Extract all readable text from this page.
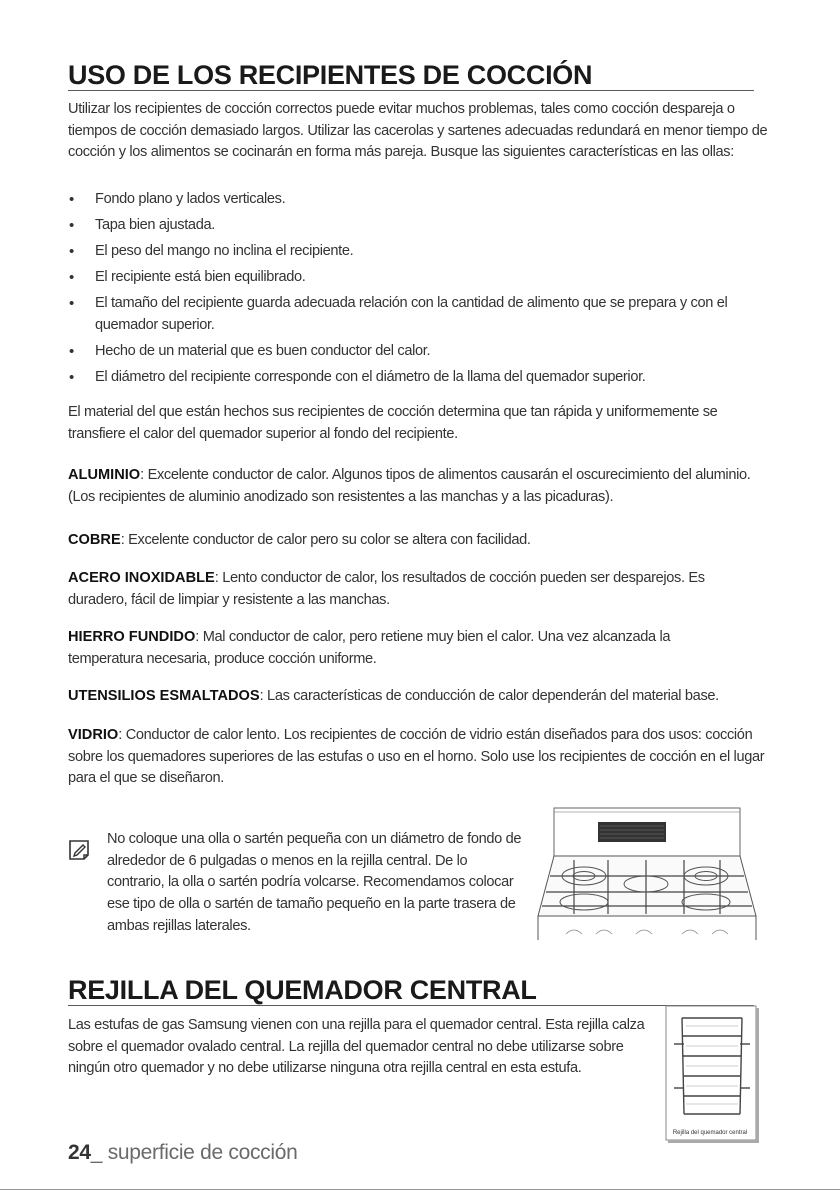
USO DE LOS RECIPIENTES DE COCCIÓN

Utilizar los recipientes de cocción correctos puede evitar muchos problemas, tales como cocción despareja o tiempos de cocción demasiado largos. Utilizar las cacerolas y sartenes adecuadas redundará en menor tiempo de cocción y los alimentos se cocinarán en forma más pareja. Busque las siguientes características en las ollas:

• Fondo plano y lados verticales.
• Tapa bien ajustada.
• El peso del mango no inclina el recipiente.
• El recipiente está bien equilibrado.
• El tamaño del recipiente guarda adecuada relación con la cantidad de alimento que se prepara y con el quemador superior.
• Hecho de un material que es buen conductor del calor.
• El diámetro del recipiente corresponde con el diámetro de la llama del quemador superior.

El material del que están hechos sus recipientes de cocción determina que tan rápida y uniformemente se transfiere el calor del quemador superior al fondo del recipiente.

ALUMINIO: Excelente conductor de calor. Algunos tipos de alimentos causarán el oscurecimiento del aluminio. (Los recipientes de aluminio anodizado son resistentes a las manchas y a las picaduras).

COBRE: Excelente conductor de calor pero su color se altera con facilidad.

ACERO INOXIDABLE: Lento conductor de calor, los resultados de cocción pueden ser desparejos. Es duradero, fácil de limpiar y resistente a las manchas.

HIERRO FUNDIDO: Mal conductor de calor, pero retiene muy bien el calor. Una vez alcanzada la temperatura necesaria, produce cocción uniforme.

UTENSILIOS ESMALTADOS: Las características de conducción de calor dependerán del material base.

VIDRIO: Conductor de calor lento. Los recipientes de cocción de vidrio están diseñados para dos usos: cocción sobre los quemadores superiores de las estufas o uso en el horno. Solo use los recipientes de cocción en el lugar para el que se diseñaron.

No coloque una olla o sartén pequeña con un diámetro de fondo de alrededor de 6 pulgadas o menos en la rejilla central. De lo contrario, la olla o sartén podría volcarse. Recomendamos colocar ese tipo de olla o sartén de tamaño pequeño en la parte trasera de ambas rejillas laterales.

REJILLA DEL QUEMADOR CENTRAL

Las estufas de gas Samsung vienen con una rejilla para el quemador central. Esta rejilla calza sobre el quemador ovalado central. La rejilla del quemador central no debe utilizarse sobre ningún otro quemador y no debe utilizarse ninguna otra rejilla central en esta estufa.

Rejilla del quemador central

24_ superficie de cocción
